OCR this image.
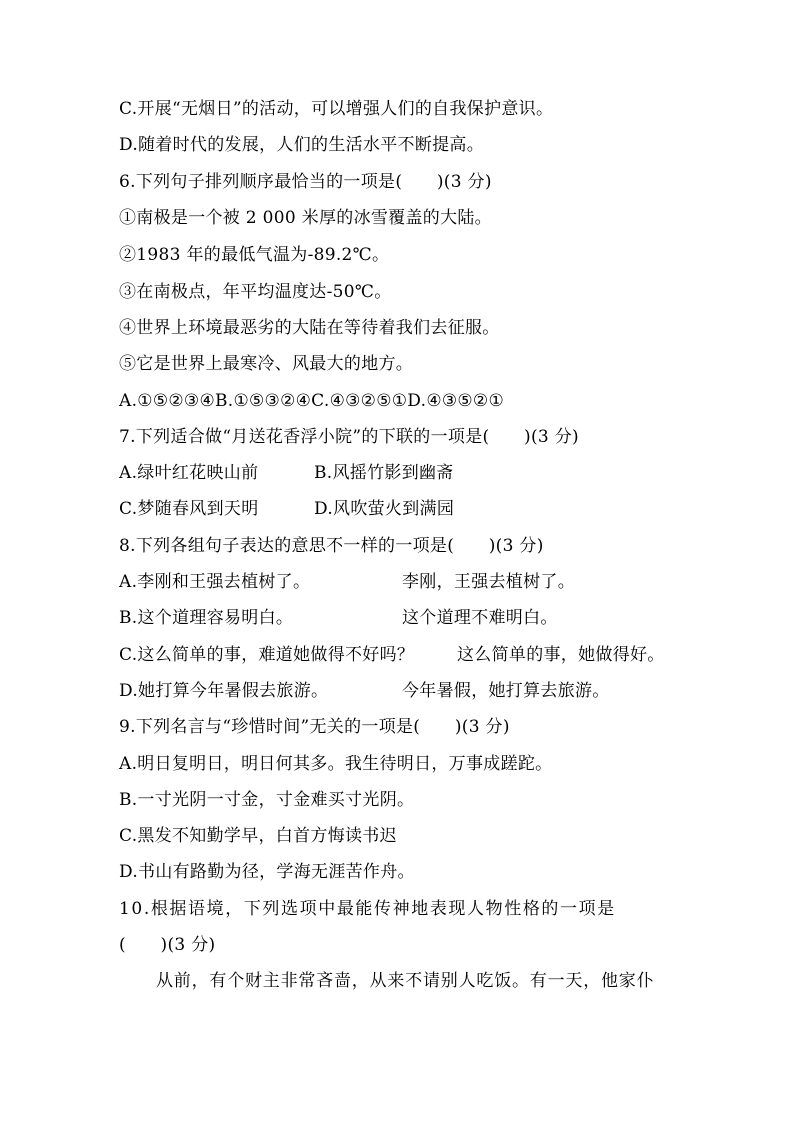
C.开展“无烟日”的活动，可以增强人们的自我保护意识。
D.随着时代的发展，人们的生活水平不断提高。
6.下列句子排列顺序最恰当的一项是(　　)(3 分)
①南极是一个被 2 000 米厚的冰雪覆盖的大陆。
②1983 年的最低气温为-89.2℃。
③在南极点，年平均温度达-50℃。
④世界上环境最恶劣的大陆在等待着我们去征服。
⑤它是世界上最寒冷、风最大的地方。
A.①⑤②③④B.①⑤③②④C.④③②⑤①D.④③⑤②①
7.下列适合做“月送花香浮小院”的下联的一项是(　　)(3 分)
A.绿叶红花映山前	B.风摇竹影到幽斋
C.梦随春风到天明	D.风吹萤火到满园
8.下列各组句子表达的意思不一样的一项是(　　)(3 分)
A.李刚和王强去植树了。	李刚，王强去植树了。
B.这个道理容易明白。	这个道理不难明白。
C.这么简单的事，难道她做得不好吗？	这么简单的事，她做得好。
D.她打算今年暑假去旅游。	今年暑假，她打算去旅游。
9.下列名言与“珍惜时间”无关的一项是(　　)(3 分)
A.明日复明日，明日何其多。我生待明日，万事成蹉跎。
B.一寸光阴一寸金，寸金难买寸光阴。
C.黑发不知勤学早，白首方悔读书迟
D.书山有路勤为径，学海无涯苦作舟。
10.根据语境，下列选项中最能传神地表现人物性格的一项是
(　　)(3 分)
从前，有个财主非常吝啬，从来不请别人吃饭。有一天，他家仆
